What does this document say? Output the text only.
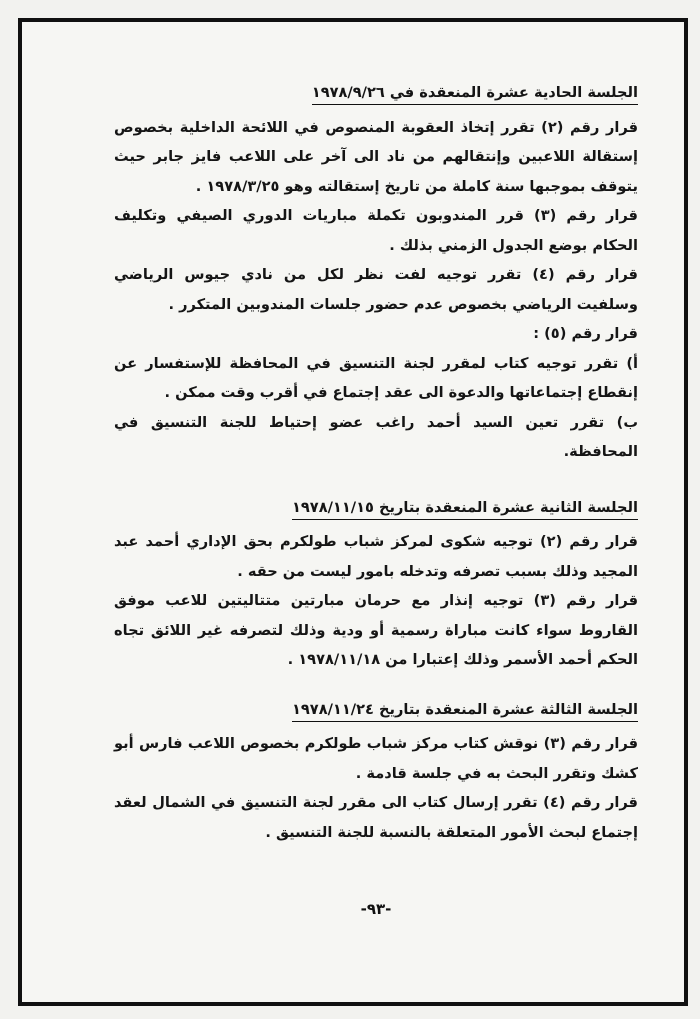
الجلسة الحادية عشرة المنعقدة في ١٩٧٨/٩/٢٦

قرار رقم (٢) تقرر إتخاذ العقوبة المنصوص في اللائحة الداخلية بخصوص إستقالة اللاعبين وإنتقالهم من ناد الى آخر على اللاعب فايز جابر حيث يتوقف بموجبها سنة كاملة من تاريخ إستقالته وهو ١٩٧٨/٣/٢٥ .

قرار رقم (٣) قرر المندوبون تكملة مباريات الدوري الصيفي وتكليف الحكام بوضع الجدول الزمني بذلك .

قرار رقم (٤) تقرر توجيه لفت نظر لكل من نادي جيوس الرياضي وسلفيت الرياضي بخصوص عدم حضور جلسات المندوبين المتكرر .

قرار رقم (٥) :

أ) تقرر توجيه كتاب لمقرر لجنة التنسيق في المحافظة للإستفسار عن إنقطاع إجتماعاتها والدعوة الى عقد إجتماع في أقرب وقت ممكن .

ب) تقرر تعين السيد أحمد راغب عضو إحتياط للجنة التنسيق في المحافظة.

الجلسة الثانية عشرة المنعقدة بتاريخ ١٩٧٨/١١/١٥

قرار رقم (٢) توجيه شكوى لمركز شباب طولكرم بحق الإداري أحمد عبد المجيد وذلك بسبب تصرفه وتدخله بامور ليست من حقه .

قرار رقم (٣) توجيه إنذار مع حرمان مبارتين متتاليتين للاعب موفق القاروط سواء كانت مباراة رسمية أو ودية وذلك لتصرفه غير اللائق تجاه الحكم أحمد الأسمر وذلك إعتبارا من ١٩٧٨/١١/١٨ .

الجلسة الثالثة عشرة المنعقدة بتاريخ ١٩٧٨/١١/٢٤

قرار رقم (٣) نوقش كتاب مركز شباب طولكرم بخصوص اللاعب فارس أبو كشك وتقرر البحث به في جلسة قادمة .

قرار رقم (٤) تقرر إرسال كتاب الى مقرر لجنة التنسيق في الشمال لعقد إجتماع لبحث الأمور المتعلقة بالنسبة للجنة التنسيق .

-٩٣-
